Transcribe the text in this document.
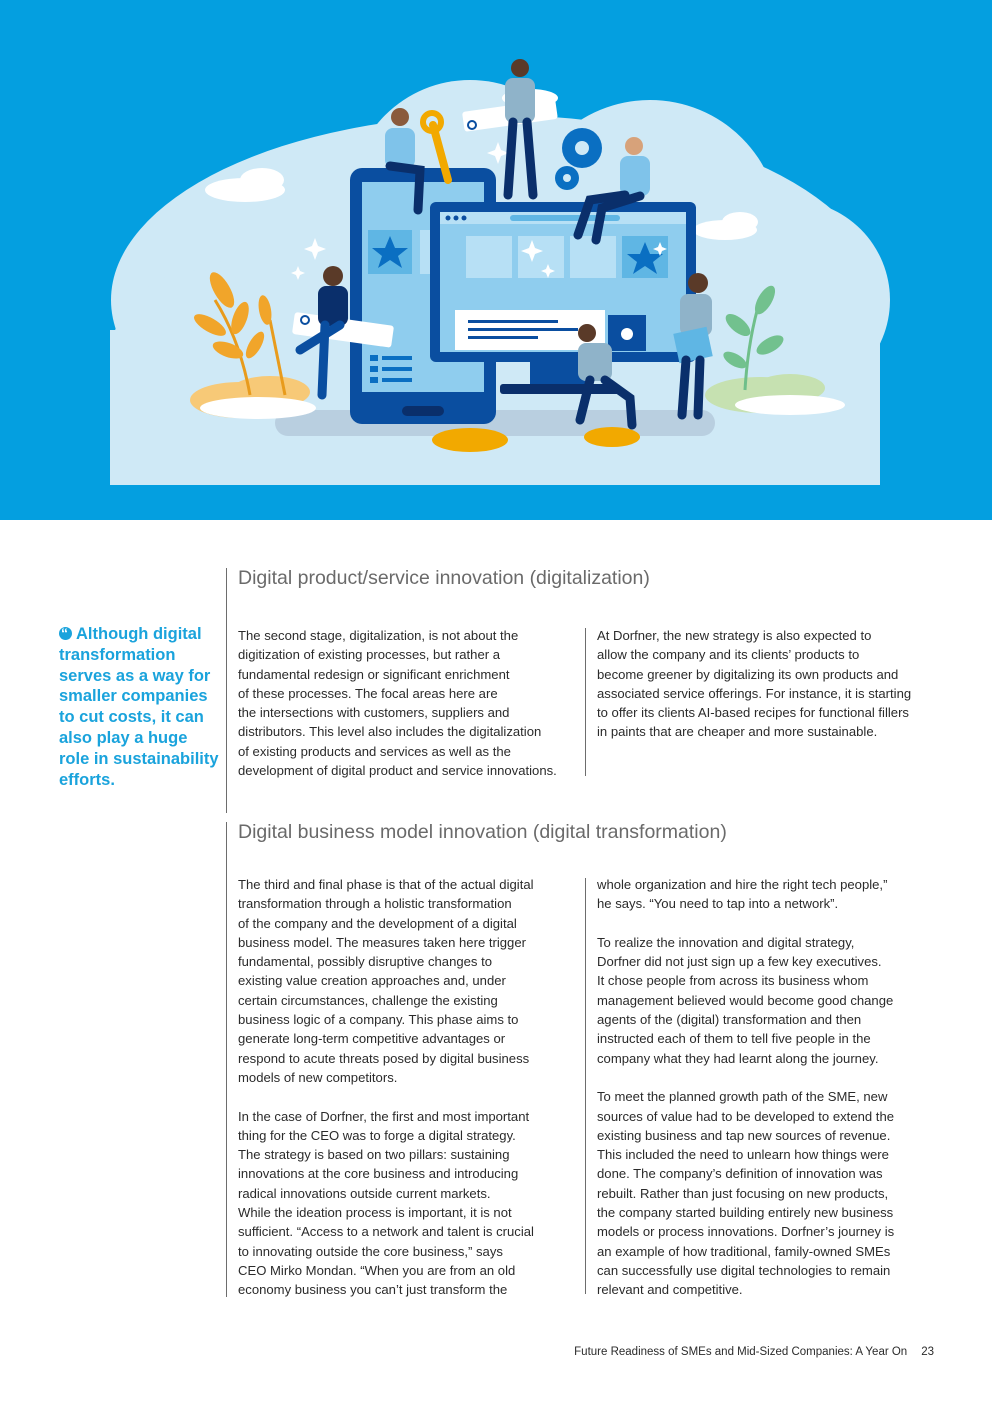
“Although digital transformation serves as a way for smaller companies to cut costs, it can also play a huge role in sustainability efforts.
Digital product/service innovation (digitalization)

The second stage, digitalization, is not about the
digitization of existing processes, but rather a
fundamental redesign or significant enrichment
of these processes. The focal areas here are
the intersections with customers, suppliers and
distributors. This level also includes the digitalization
of existing products and services as well as the
development of digital product and service innovations.

At Dorfner, the new strategy is also expected to
allow the company and its clients’ products to
become greener by digitalizing its own products and
associated service offerings. For instance, it is starting
to offer its clients AI-based recipes for functional fillers
in paints that are cheaper and more sustainable.

Digital business model innovation (digital transformation)

The third and final phase is that of the actual digital
transformation through a holistic transformation
of the company and the development of a digital
business model. The measures taken here trigger
fundamental, possibly disruptive changes to
existing value creation approaches and, under
certain circumstances, challenge the existing
business logic of a company. This phase aims to
generate long-term competitive advantages or
respond to acute threats posed by digital business
models of new competitors.

In the case of Dorfner, the first and most important
thing for the CEO was to forge a digital strategy.
The strategy is based on two pillars: sustaining
innovations at the core business and introducing
radical innovations outside current markets.
While the ideation process is important, it is not
sufficient. “Access to a network and talent is crucial
to innovating outside the core business,” says
CEO Mirko Mondan. “When you are from an old
economy business you can’t just transform the

whole organization and hire the right tech people,”
he says. “You need to tap into a network”.

To realize the innovation and digital strategy,
Dorfner did not just sign up a few key executives.
It chose people from across its business whom
management believed would become good change
agents of the (digital) transformation and then
instructed each of them to tell five people in the
company what they had learnt along the journey.

To meet the planned growth path of the SME, new
sources of value had to be developed to extend the
existing business and tap new sources of revenue.
This included the need to unlearn how things were
done. The company’s definition of innovation was
rebuilt. Rather than just focusing on new products,
the company started building entirely new business
models or process innovations. Dorfner’s journey is
an example of how traditional, family-owned SMEs
can successfully use digital technologies to remain
relevant and competitive.

Future Readiness of SMEs and Mid-Sized Companies: A Year On 23
